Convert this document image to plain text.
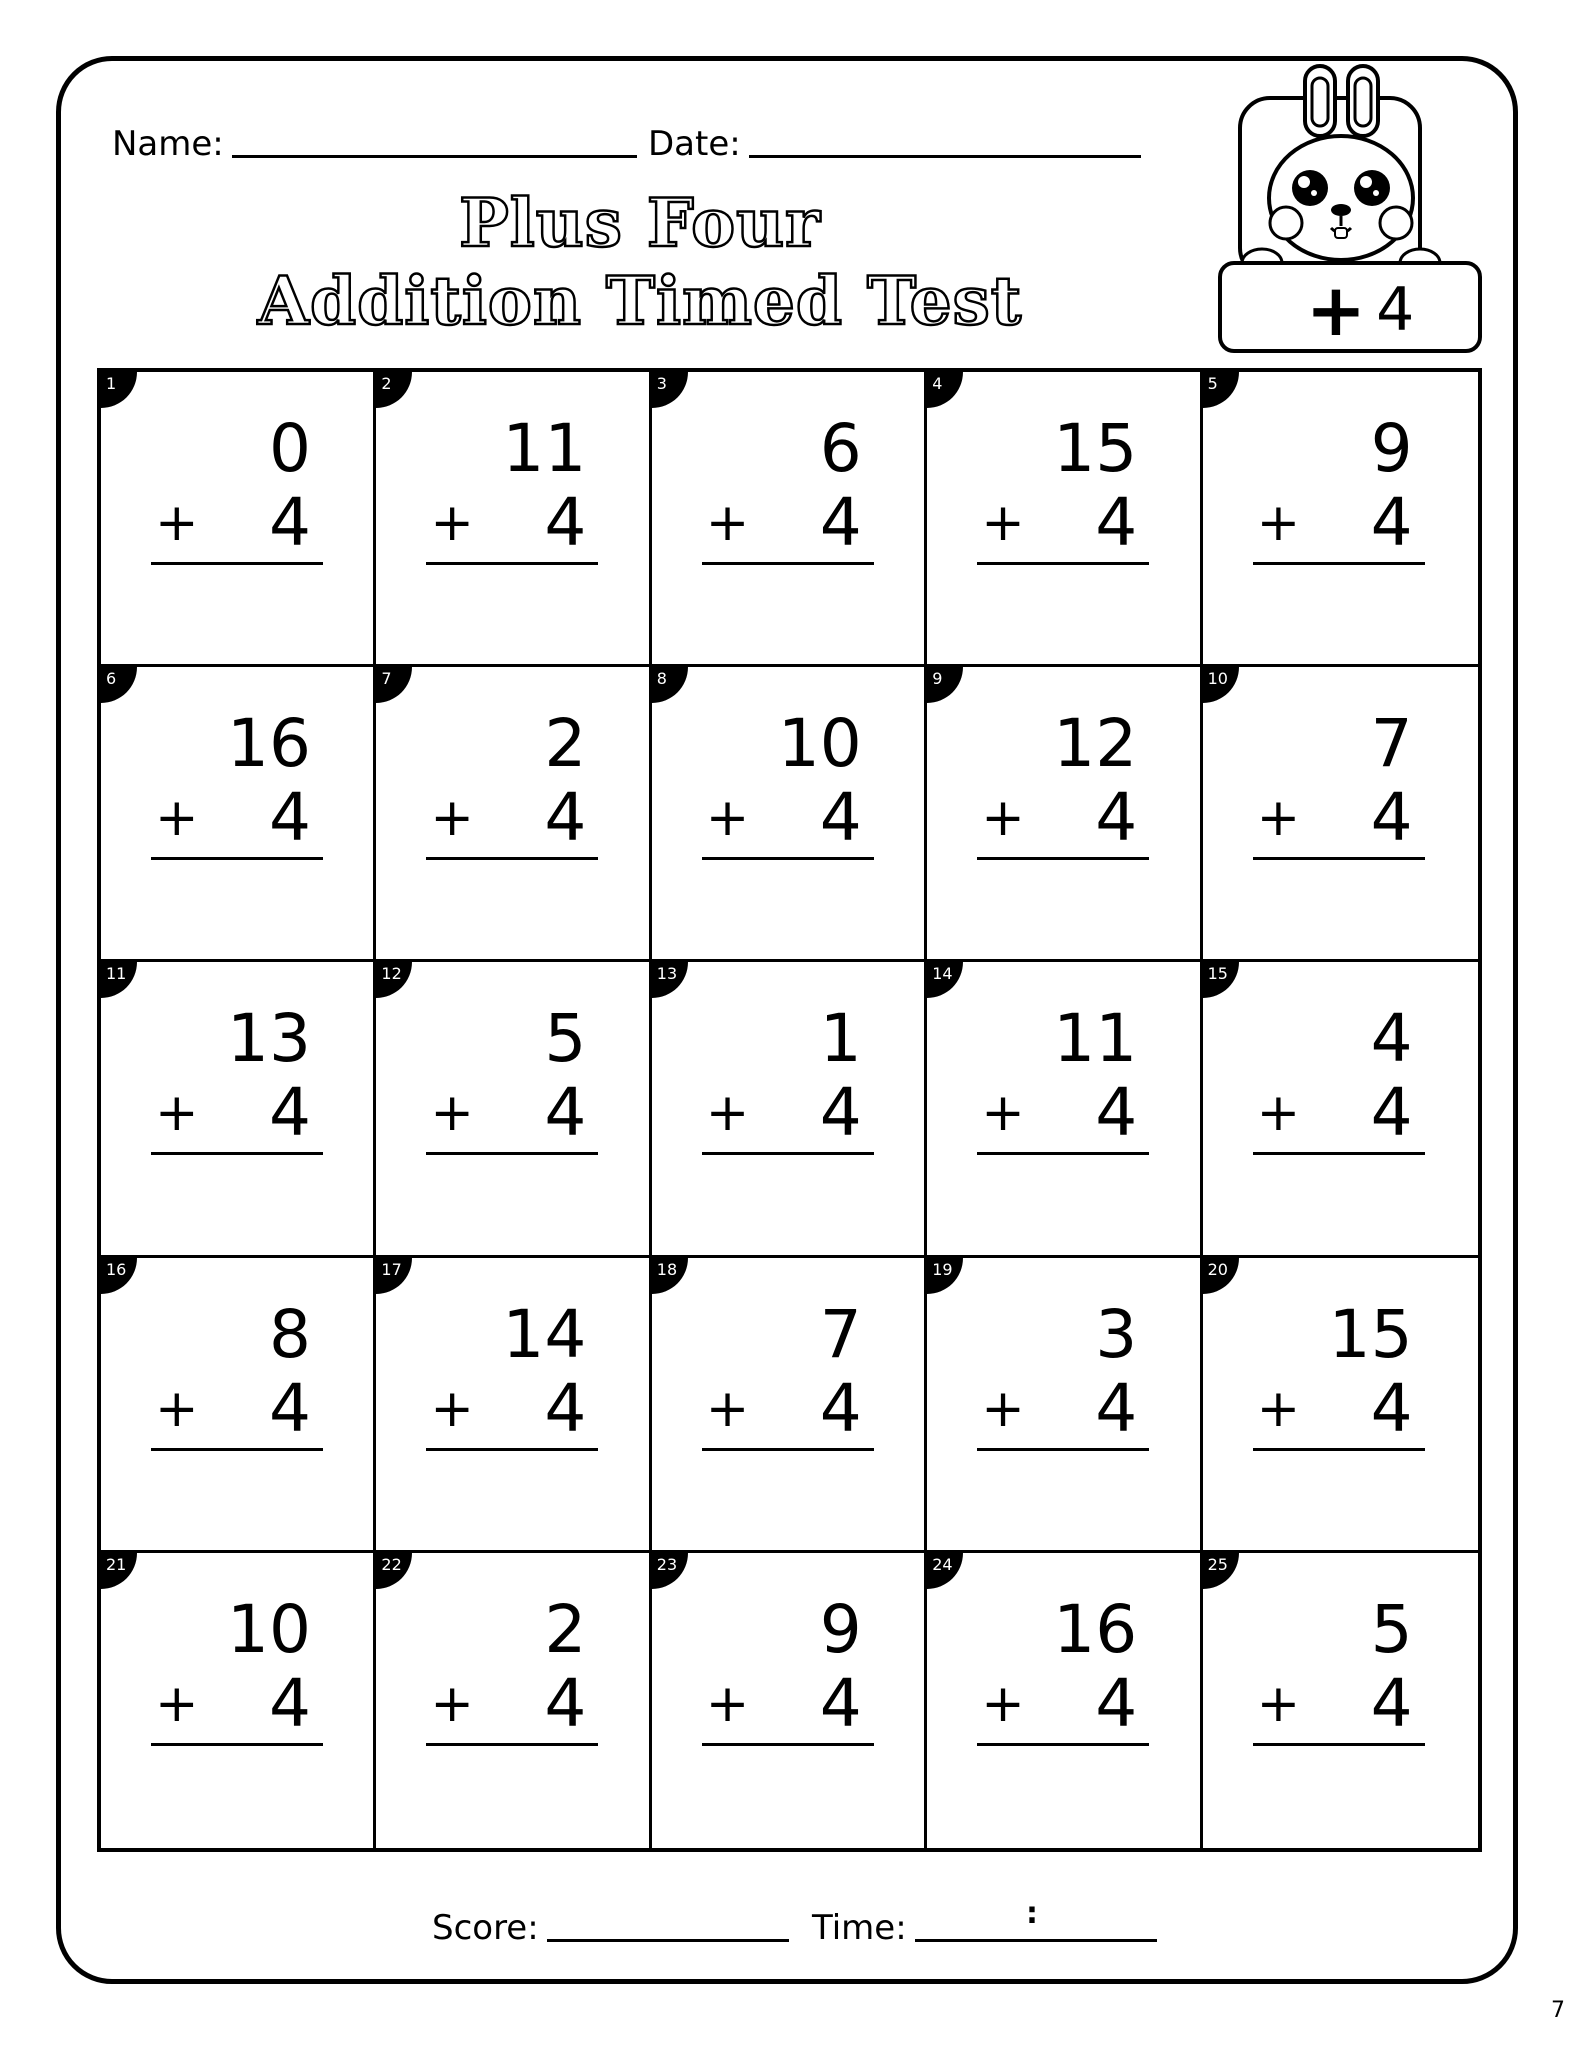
Name:	Date:
Plus Four
Addition Timed Test	+ 4
1
0
+ 4
2
11
+ 4
3
6
+ 4
4
15
+ 4
5
9
+ 4
6
16
+ 4
7
2
+ 4
8
10
+ 4
9
12
+ 4
10
7
+ 4
11
13
+ 4
12
5
+ 4
13
1
+ 4
14
11
+ 4
15
4
+ 4
16
8
+ 4
17
14
+ 4
18
7
+ 4
19
3
+ 4
20
15
+ 4
21
10
+ 4
22
2
+ 4
23
9
+ 4
24
16
+ 4
25
5
+ 4
Score:	Time:	:
7
